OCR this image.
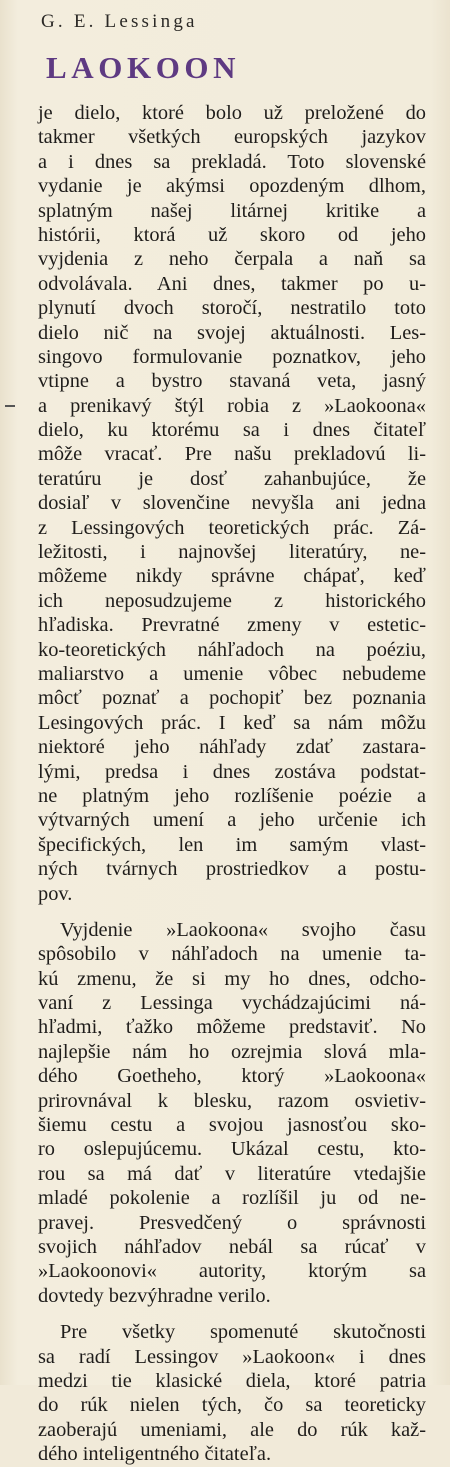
G. E. Lessinga
LAOKOON
je dielo, ktoré bolo už preložené do
takmer všetkých europských jazykov
a i dnes sa prekladá. Toto slovenské
vydanie je akýmsi opozdeným dlhom,
splatným našej litárnej kritike a
histórii, ktorá už skoro od jeho
vyjdenia z neho čerpala a naň sa
odvolávala. Ani dnes, takmer po u-
plynutí dvoch storočí, nestratilo toto
dielo nič na svojej aktuálnosti. Les-
singovo formulovanie poznatkov, jeho
vtipne a bystro stavaná veta, jasný
a prenikavý štýl robia z »Laokoona«
dielo, ku ktorému sa i dnes čitateľ
môže vracať. Pre našu prekladovú li-
teratúru je dosť zahanbujúce, že
dosiaľ v slovenčine nevyšla ani jedna
z Lessingových teoretických prác. Zá-
ležitosti, i najnovšej literatúry, ne-
môžeme nikdy správne chápať, keď
ich neposudzujeme z historického
hľadiska. Prevratné zmeny v estetic-
ko-teoretických náhľadoch na poéziu,
maliarstvo a umenie vôbec nebudeme
môcť poznať a pochopiť bez poznania
Lesingových prác. I keď sa nám môžu
niektoré jeho náhľady zdať zastara-
lými, predsa i dnes zostáva podstat-
ne platným jeho rozlíšenie poézie a
výtvarných umení a jeho určenie ich
špecifických, len im samým vlast-
ných tvárnych prostriedkov a postu-
pov.
Vyjdenie »Laokoona« svojho času
spôsobilo v náhľadoch na umenie ta-
kú zmenu, že si my ho dnes, odcho-
vaní z Lessinga vychádzajúcimi ná-
hľadmi, ťažko môžeme predstaviť. No
najlepšie nám ho ozrejmia slová mla-
dého Goetheho, ktorý »Laokoona«
prirovnával k blesku, razom osvietiv-
šiemu cestu a svojou jasnosťou sko-
ro oslepujúcemu. Ukázal cestu, kto-
rou sa má dať v literatúre vtedajšie
mladé pokolenie a rozlíšil ju od ne-
pravej. Presvedčený o správnosti
svojich náhľadov nebál sa rúcať v
»Laokoonovi« autority, ktorým sa
dovtedy bezvýhradne verilo.
Pre všetky spomenuté skutočnosti
sa radí Lessingov »Laokoon« i dnes
medzi tie klasické diela, ktoré patria
do rúk nielen tých, čo sa teoreticky
zaoberajú umeniami, ale do rúk kaž-
dého inteligentného čitateľa.
